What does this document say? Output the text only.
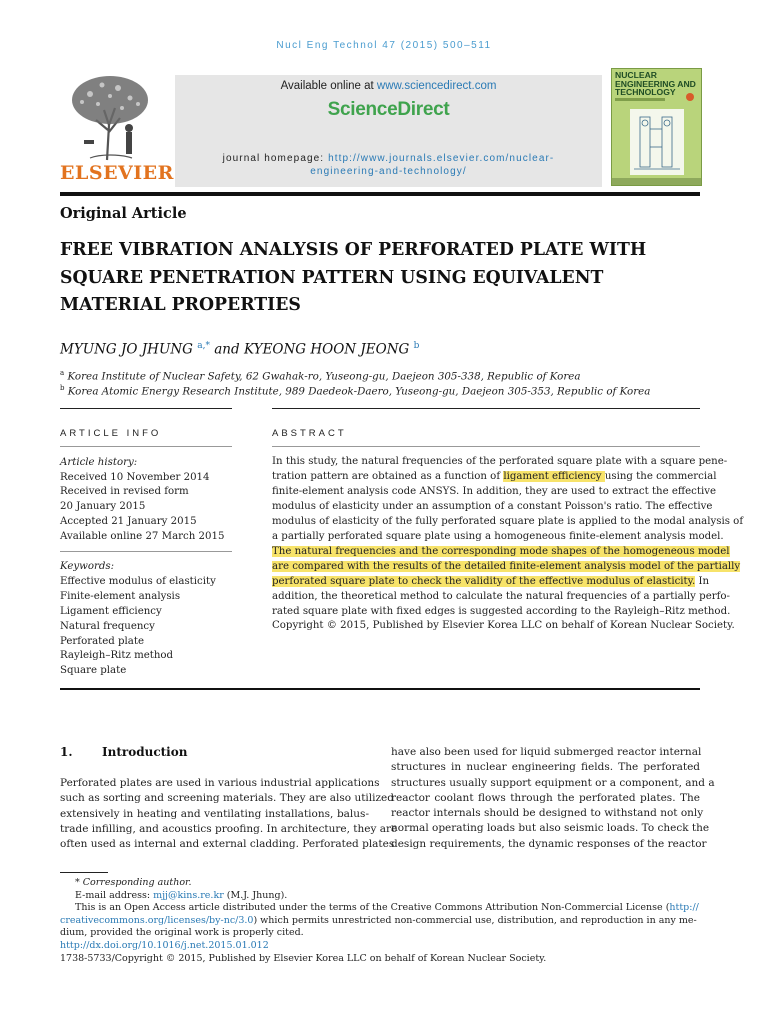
Nucl Eng Technol 47 (2015) 500–511
ELSEVIER
Available online at www.sciencedirect.com
ScienceDirect
journal homepage: http://www.journals.elsevier.com/nuclear-
engineering-and-technology/
NUCLEAR
ENGINEERING AND
TECHNOLOGY
Original Article
FREE VIBRATION ANALYSIS OF PERFORATED PLATE WITH
SQUARE PENETRATION PATTERN USING EQUIVALENT
MATERIAL PROPERTIES
MYUNG JO JHUNG $^{a,*}$ and KYEONG HOON JEONG $^b$
$^a$ Korea Institute of Nuclear Safety, 62 Gwahak-ro, Yuseong-gu, Daejeon 305-338, Republic of Korea
$^b$ Korea Atomic Energy Research Institute, 989 Daedeok-Daero, Yuseong-gu, Daejeon 305-353, Republic of Korea
ARTICLE INFO	ABSTRACT
Article history:
Received 10 November 2014
Received in revised form
20 January 2015
Accepted 21 January 2015
Available online 27 March 2015
Keywords:
Effective modulus of elasticity
Finite-element analysis
Ligament efficiency
Natural frequency
Perforated plate
Rayleigh–Ritz method
Square plate
In this study, the natural frequencies of the perforated square plate with a square pene-
tration pattern are obtained as a function of ligament efficiency using the commercial
finite-element analysis code ANSYS. In addition, they are used to extract the effective
modulus of elasticity under an assumption of a constant Poisson's ratio. The effective
modulus of elasticity of the fully perforated square plate is applied to the modal analysis of
a partially perforated square plate using a homogeneous finite-element analysis model.
The natural frequencies and the corresponding mode shapes of the homogeneous model
are compared with the results of the detailed finite-element analysis model of the partially
perforated square plate to check the validity of the effective modulus of elasticity. In
addition, the theoretical method to calculate the natural frequencies of a partially perfo-
rated square plate with fixed edges is suggested according to the Rayleigh–Ritz method.
Copyright © 2015, Published by Elsevier Korea LLC on behalf of Korean Nuclear Society.
1. Introduction
Perforated plates are used in various industrial applications
such as sorting and screening materials. They are also utilized
extensively in heating and ventilating installations, balus-
trade infilling, and acoustics proofing. In architecture, they are
often used as internal and external cladding. Perforated plates
have also been used for liquid submerged reactor internal
structures in nuclear engineering fields. The perforated
structures usually support equipment or a component, and a
reactor coolant flows through the perforated plates. The
reactor internals should be designed to withstand not only
normal operating loads but also seismic loads. To check the
design requirements, the dynamic responses of the reactor
* Corresponding author.
E-mail address: mjj@kins.re.kr (M.J. Jhung).
This is an Open Access article distributed under the terms of the Creative Commons Attribution Non-Commercial License (http://
creativecommons.org/licenses/by-nc/3.0) which permits unrestricted non-commercial use, distribution, and reproduction in any me-
dium, provided the original work is properly cited.
http://dx.doi.org/10.1016/j.net.2015.01.012
1738-5733/Copyright © 2015, Published by Elsevier Korea LLC on behalf of Korean Nuclear Society.
